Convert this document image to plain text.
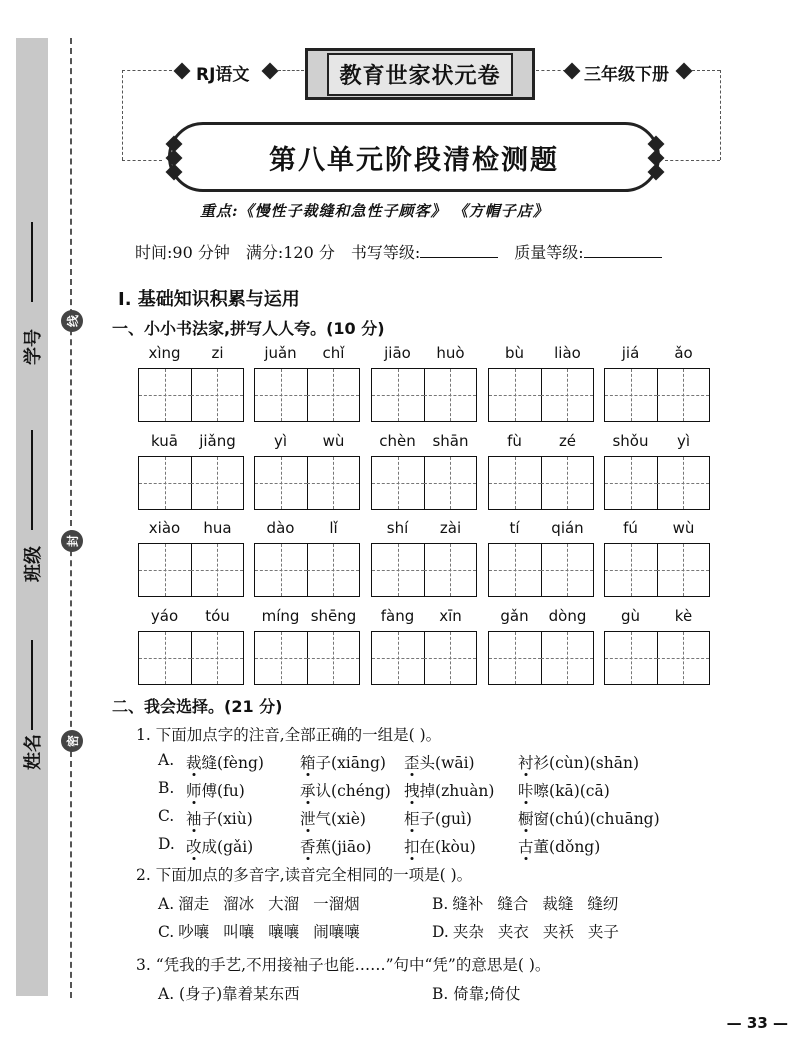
学号
班级
姓名
线
封
密
RJ语文	教育世家状元卷	三年级下册
第八单元阶段清检测题
重点:《慢性子裁缝和急性子顾客》 《方帽子店》
时间:90 分钟 满分:120 分 书写等级:	质量等级:
Ⅰ. 基础知识积累与运用
一、小小书法家,拼写人人夸。(10 分)
xìng	zi	juǎn	chǐ	jiāo	huò	bù	liào	jiá	ǎo
kuā	jiǎng	yì	wù	chèn	shān	fù	zé	shǒu	yì
xiào	hua	dào	lǐ	shí	zài	tí	qián	fú	wù
yáo	tóu	míng shēng	fàng	xīn	gǎn	dòng	gù	kè
二、我会选择。(21 分)
1. 下面加点字的注音,全部正确的一组是( )。
A. 裁缝(fèng) 箱子(xiāng) 歪头(wāi)	衬衫(cùn)(shān)
B. 师傅(fu)	承认(chéng) 拽掉(zhuàn) 咔嚓(kā)(cā)
C. 袖子(xiù)	泄气(xiè) 柜子(guì)	橱窗(chú)(chuāng)
D. 改成(gǎi)	香蕉(jiāo) 扣在(kòu)	古董(dǒng)
2. 下面加点的多音字,读音完全相同的一项是( )。
A. 溜走 溜冰 大溜 一溜烟	B. 缝补 缝合 裁缝 缝纫
C. 吵嚷 叫嚷 嚷嚷 闹嚷嚷	D. 夹杂 夹衣 夹袄 夹子
3. “凭我的手艺,不用接袖子也能……”句中“凭”的意思是( )。
A. (身子)靠着某东西	B. 倚靠;倚仗
— 33 —
